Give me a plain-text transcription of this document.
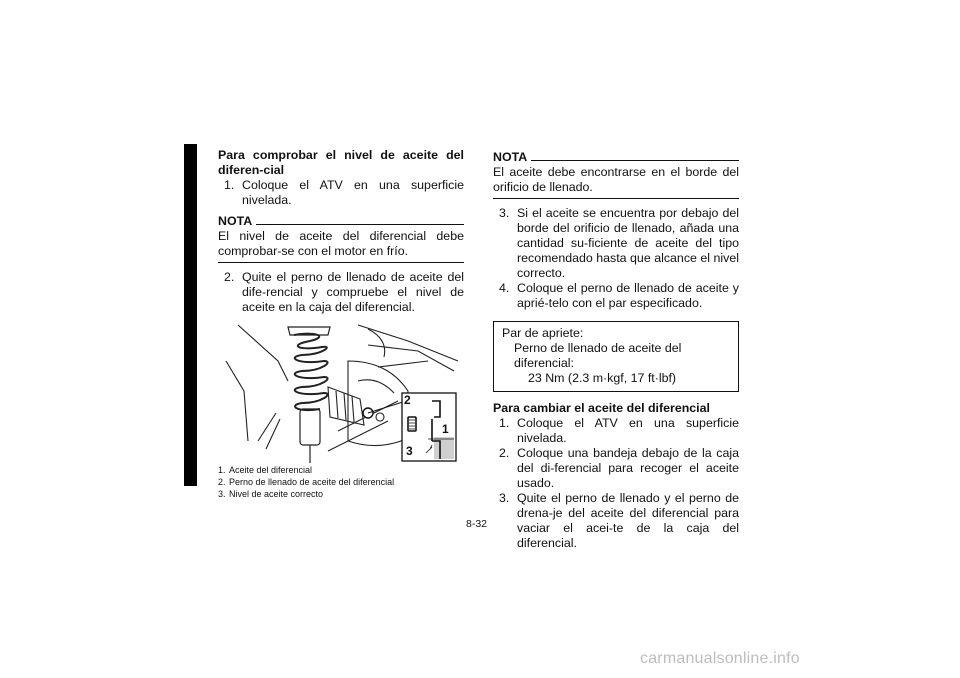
8
Para comprobar el nivel de aceite del diferen-cial
1. Coloque el ATV en una superficie nivelada.
NOTA
El nivel de aceite del diferencial debe comprobar-se con el motor en frío.
2. Quite el perno de llenado de aceite del dife-rencial y compruebe el nivel de aceite en la caja del diferencial.
2
1
3
1. Aceite del diferencial
2. Perno de llenado de aceite del diferencial
3. Nivel de aceite correcto
NOTA
El aceite debe encontrarse en el borde del orificio de llenado.
3. Si el aceite se encuentra por debajo del borde del orificio de llenado, añada una cantidad su-ficiente de aceite del tipo recomendado hasta que alcance el nivel correcto.
4. Coloque el perno de llenado de aceite y aprié-telo con el par especificado.
Par de apriete:
Perno de llenado de aceite del diferencial:
23 Nm (2.3 m·kgf, 17 ft·lbf)
Para cambiar el aceite del diferencial
1. Coloque el ATV en una superficie nivelada.
2. Coloque una bandeja debajo de la caja del di-ferencial para recoger el aceite usado.
3. Quite el perno de llenado y el perno de drena-je del aceite del diferencial para vaciar el acei-te de la caja del diferencial.
8-32
carmanualsonline.info
